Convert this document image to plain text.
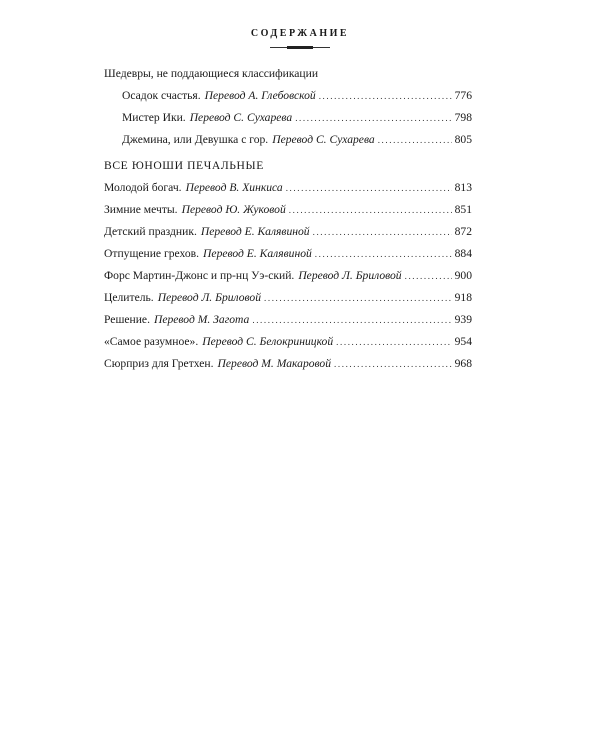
СОДЕРЖАНИЕ
Шедевры, не поддающиеся классификации
Осадок счастья. Перевод А. Глебовской .....	776
Мистер Ики. Перевод С. Сухарева .....	798
Джемина, или Девушка с гор. Перевод С. Сухарева .....	805
ВСЕ ЮНОШИ ПЕЧАЛЬНЫЕ
Молодой богач. Перевод В. Хинкиса .....	813
Зимние мечты. Перевод Ю. Жуковой .....	851
Детский праздник. Перевод Е. Калявиной .....	872
Отпущение грехов. Перевод Е. Калявиной .....	884
Форс Мартин-Джонс и пр-нц Уэ-ский. Перевод Л. Бриловой .....	900
Целитель. Перевод Л. Бриловой .....	918
Решение. Перевод М. Загота .....	939
«Самое разумное». Перевод С. Белокриницкой .....	954
Сюрприз для Гретхен. Перевод М. Макаровой .....	968
